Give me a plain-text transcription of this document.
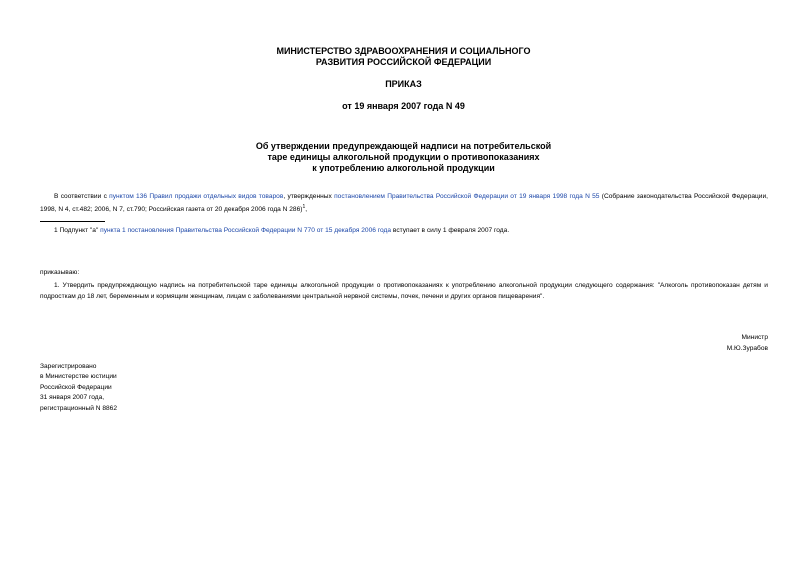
МИНИСТЕРСТВО ЗДРАВООХРАНЕНИЯ И СОЦИАЛЬНОГО
РАЗВИТИЯ РОССИЙСКОЙ ФЕДЕРАЦИИ
ПРИКАЗ
от 19 января 2007 года N 49
Об утверждении предупреждающей надписи на потребительской
таре единицы алкогольной продукции о противопоказаниях
к употреблению алкогольной продукции
В соответствии с пунктом 136 Правил продажи отдельных видов товаров, утвержденных постановлением Правительства Российской Федерации от 19 января 1998 года N 55 (Собрание законодательства Российской Федерации, 1998, N 4, ст.482; 2006, N 7, ст.790; Российская газета от 20 декабря 2006 года N 286)$^1$,
1 Подпункт "а" пункта 1 постановления Правительства Российской Федерации N 770 от 15 декабря 2006 года вступает в силу 1 февраля 2007 года.
приказываю:
1. Утвердить предупреждающую надпись на потребительской таре единицы алкогольной продукции о противопоказаниях к употреблению алкогольной продукции следующего содержания: "Алкоголь противопоказан детям и подросткам до 18 лет, беременным и кормящим женщинам, лицам с заболеваниями центральной нервной системы, почек, печени и других органов пищеварения".
Министр
М.Ю.Зурабов
Зарегистрировано
в Министерстве юстиции
Российской Федерации
31 января 2007 года,
регистрационный N 8862
